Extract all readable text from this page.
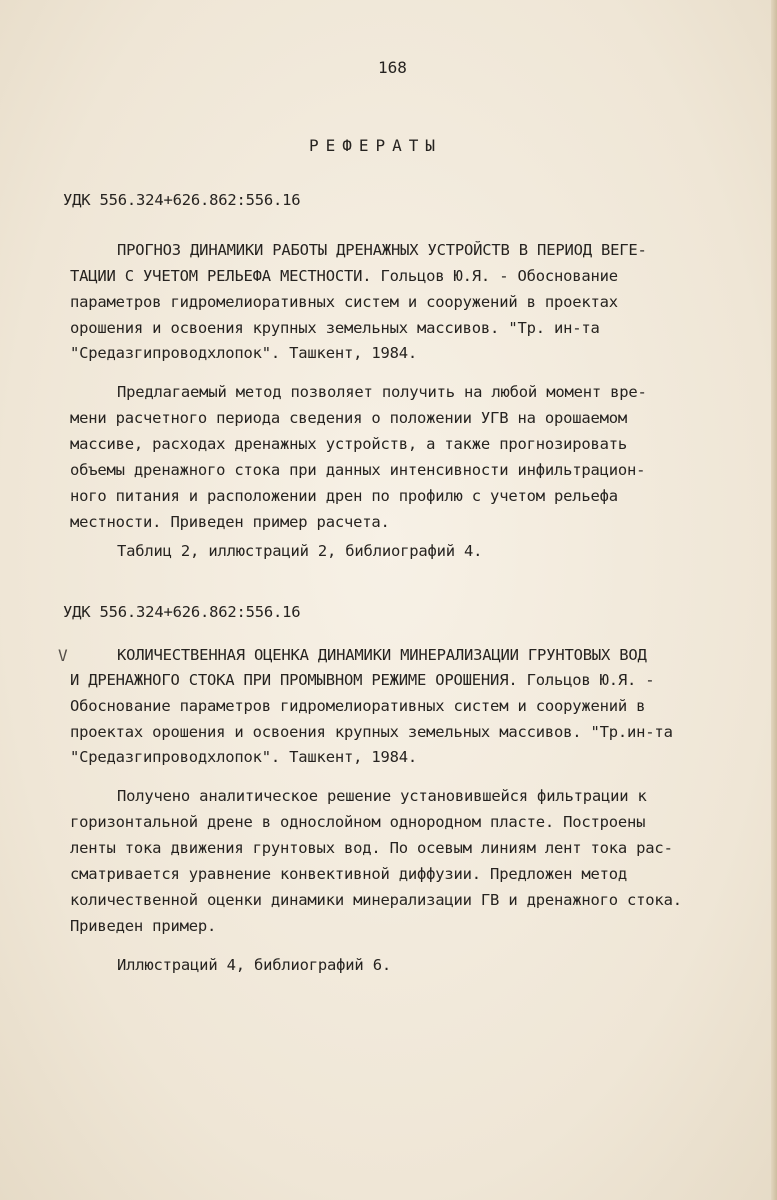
168
РЕФЕРАТЫ
УДК 556.324+626.862:556.16
ПРОГНОЗ ДИНАМИКИ РАБОТЫ ДРЕНАЖНЫХ УСТРОЙСТВ В ПЕРИОД ВЕГЕ-
ТАЦИИ С УЧЕТОМ РЕЛЬЕФА МЕСТНОСТИ. Гольцов Ю.Я. - Обоснование
параметров гидромелиоративных систем и сооружений в проектах
орошения и освоения крупных земельных массивов. "Тр. ин-та
"Средазгипроводхлопок". Ташкент, 1984.
Предлагаемый метод позволяет получить на любой момент вре-
мени расчетного периода сведения о положении УГВ на орошаемом
массиве, расходах дренажных устройств, а также прогнозировать
объемы дренажного стока при данных интенсивности инфильтрацион-
ного питания и расположении дрен по профилю с учетом рельефа
местности. Приведен пример расчета.
Таблиц 2, иллюстраций 2, библиографий 4.
УДК 556.324+626.862:556.16
V	КОЛИЧЕСТВЕННАЯ ОЦЕНКА ДИНАМИКИ МИНЕРАЛИЗАЦИИ ГРУНТОВЫХ ВОД
И ДРЕНАЖНОГО СТОКА ПРИ ПРОМЫВНОМ РЕЖИМЕ ОРОШЕНИЯ. Гольцов Ю.Я. -
Обоснование параметров гидромелиоративных систем и сооружений в
проектах орошения и освоения крупных земельных массивов. "Тр.ин-та
"Средазгипроводхлопок". Ташкент, 1984.
Получено аналитическое решение установившейся фильтрации к
горизонтальной дрене в однослойном однородном пласте. Построены
ленты тока движения грунтовых вод. По осевым линиям лент тока рас-
сматривается уравнение конвективной диффузии. Предложен метод
количественной оценки динамики минерализации ГВ и дренажного стока.
Приведен пример.
Иллюстраций 4, библиографий 6.
